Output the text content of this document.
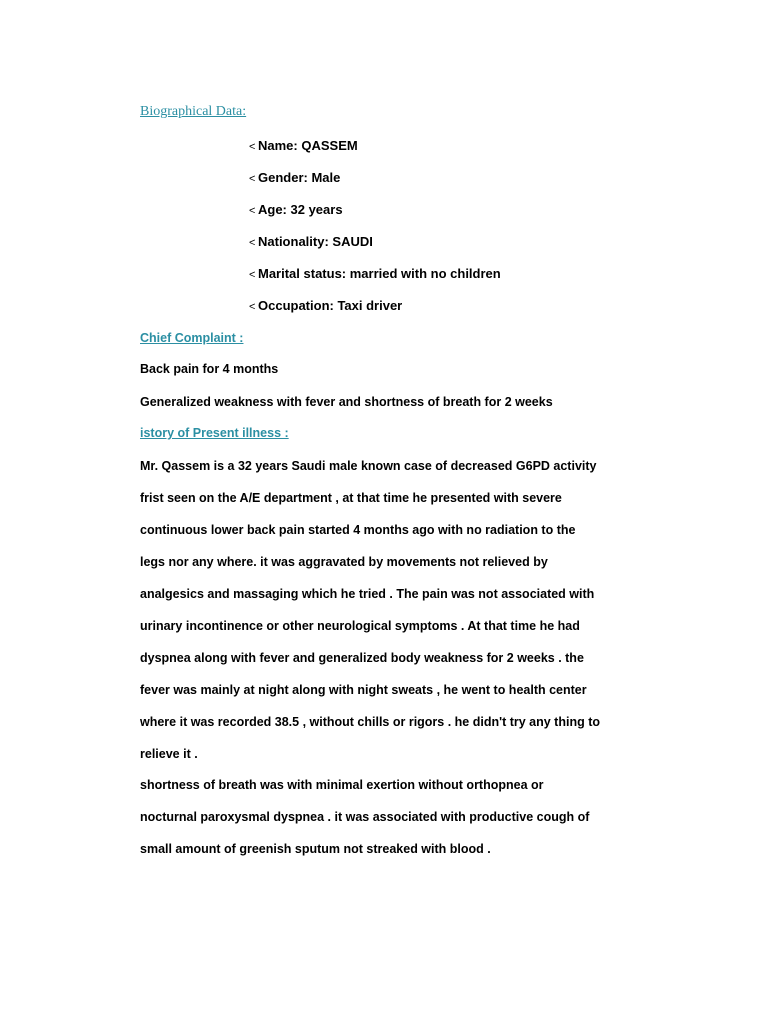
Biographical Data:
< Name: QASSEM
< Gender: Male
< Age: 32 years
< Nationality: SAUDI
< Marital status: married with no children
< Occupation: Taxi driver
Chief Complaint :
Back pain for 4 months
Generalized weakness with fever and shortness of breath for 2 weeks
istory of Present illness :
Mr. Qassem is a 32 years Saudi male known case of decreased G6PD activity
frist seen on the A/E department , at that time he presented with severe
continuous lower back pain started 4 months ago with no radiation to the
legs nor any where. it was aggravated by movements not relieved by
analgesics and massaging which he tried . The pain was not associated with
urinary incontinence or other neurological symptoms . At that time he had
dyspnea along with fever and generalized body weakness for 2 weeks . the
fever was mainly at night along with night sweats , he went to health center
where it was recorded 38.5 , without chills or rigors . he didn't try any thing to
relieve it .
shortness of breath was with minimal exertion without orthopnea or
nocturnal paroxysmal dyspnea . it was associated with productive cough of
small amount of greenish sputum not streaked with blood .
